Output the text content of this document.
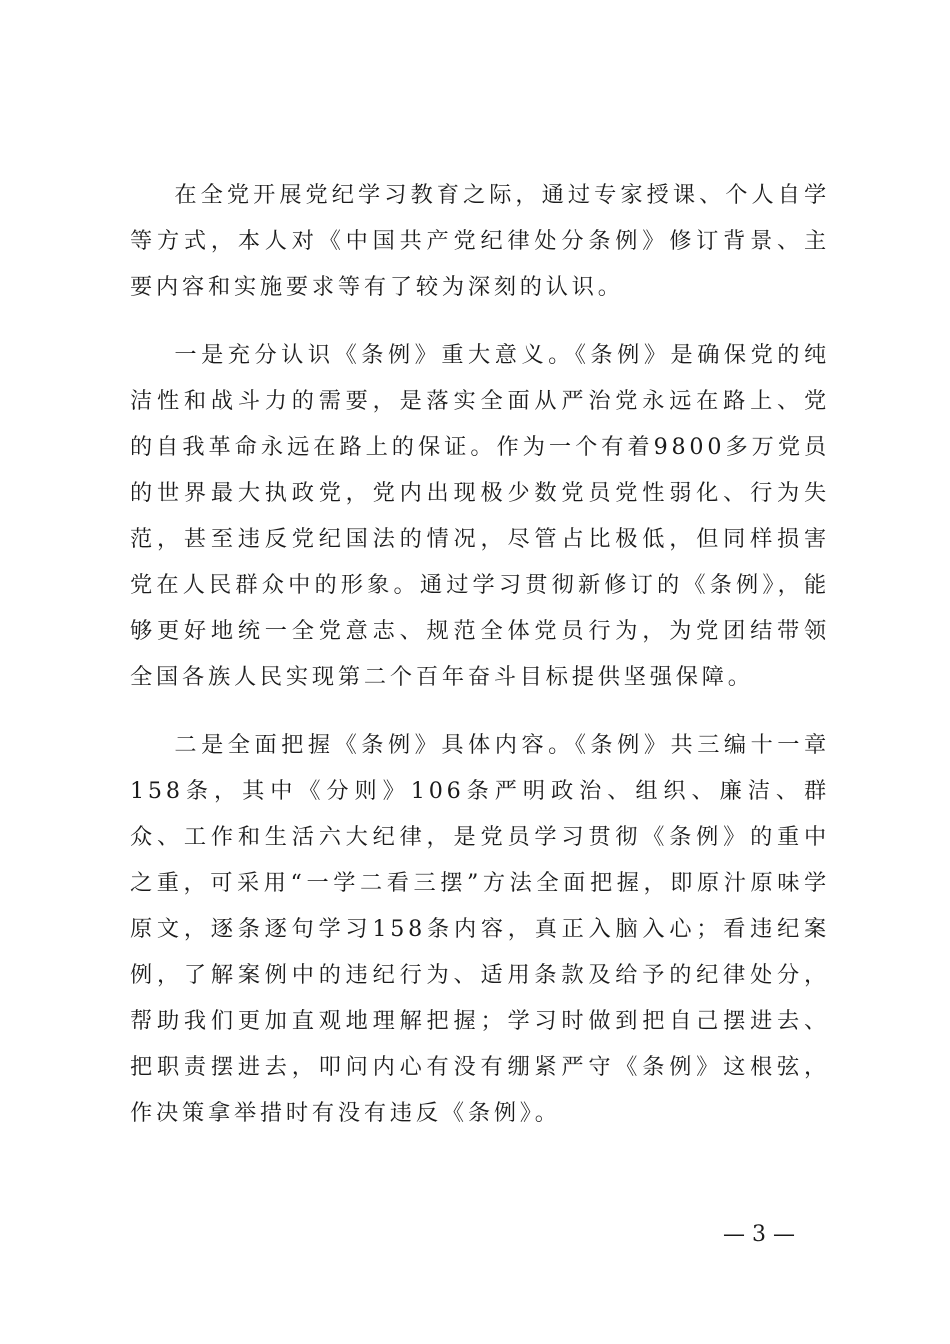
在全党开展党纪学习教育之际，通过专家授课、个人自学等方式，本人对《中国共产党纪律处分条例》修订背景、主要内容和实施要求等有了较为深刻的认识。

一是充分认识《条例》重大意义。《条例》是确保党的纯洁性和战斗力的需要，是落实全面从严治党永远在路上、党的自我革命永远在路上的保证。作为一个有着9800多万党员的世界最大执政党，党内出现极少数党员党性弱化、行为失范，甚至违反党纪国法的情况，尽管占比极低，但同样损害党在人民群众中的形象。通过学习贯彻新修订的《条例》，能够更好地统一全党意志、规范全体党员行为，为党团结带领全国各族人民实现第二个百年奋斗目标提供坚强保障。

二是全面把握《条例》具体内容。《条例》共三编十一章158条，其中《分则》106条严明政治、组织、廉洁、群众、工作和生活六大纪律，是党员学习贯彻《条例》的重中之重，可采用“一学二看三摆”方法全面把握，即原汁原味学原文，逐条逐句学习158条内容，真正入脑入心；看违纪案例，了解案例中的违纪行为、适用条款及给予的纪律处分，帮助我们更加直观地理解把握；学习时做到把自己摆进去、把职责摆进去，叩问内心有没有绷紧严守《条例》这根弦，作决策拿举措时有没有违反《条例》。

— 3 —
